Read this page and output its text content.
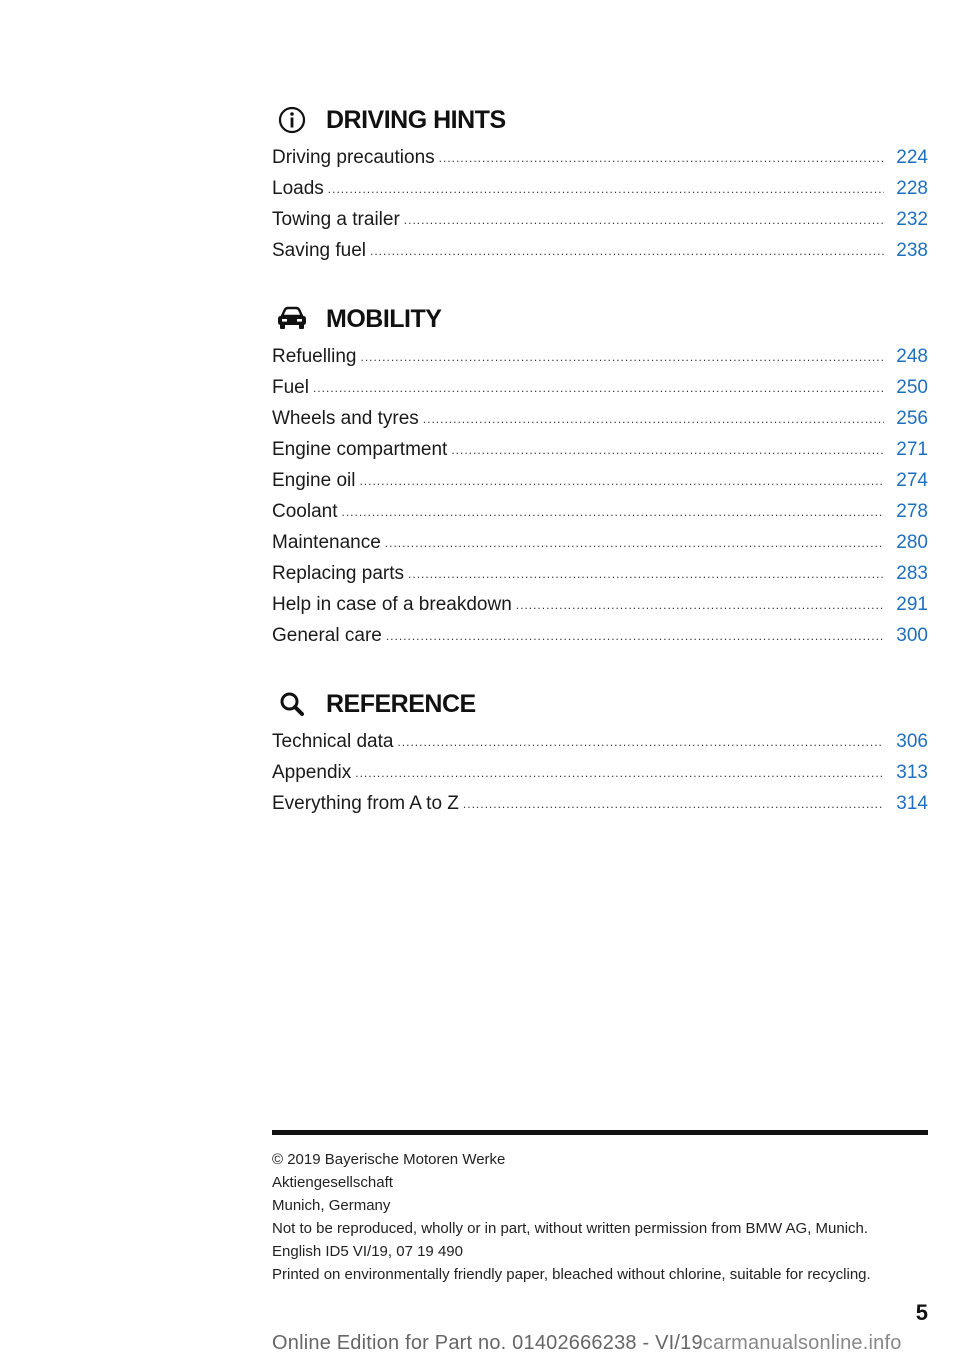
DRIVING HINTS
Driving precautions .....	224
Loads .....	228
Towing a trailer .....	232
Saving fuel .....	238
MOBILITY
Refuelling .....	248
Fuel .....	250
Wheels and tyres .....	256
Engine compartment .....	271
Engine oil .....	274
Coolant .....	278
Maintenance .....	280
Replacing parts .....	283
Help in case of a breakdown .....	291
General care .....	300
REFERENCE
Technical data .....	306
Appendix .....	313
Everything from A to Z .....	314
© 2019 Bayerische Motoren Werke
Aktiengesellschaft
Munich, Germany
Not to be reproduced, wholly or in part, without written permission from BMW AG, Munich.
English ID5 VI/19, 07 19 490
Printed on environmentally friendly paper, bleached without chlorine, suitable for recycling.
5
Online Edition for Part no. 01402666238 - VI/19carmanualsonline.info
